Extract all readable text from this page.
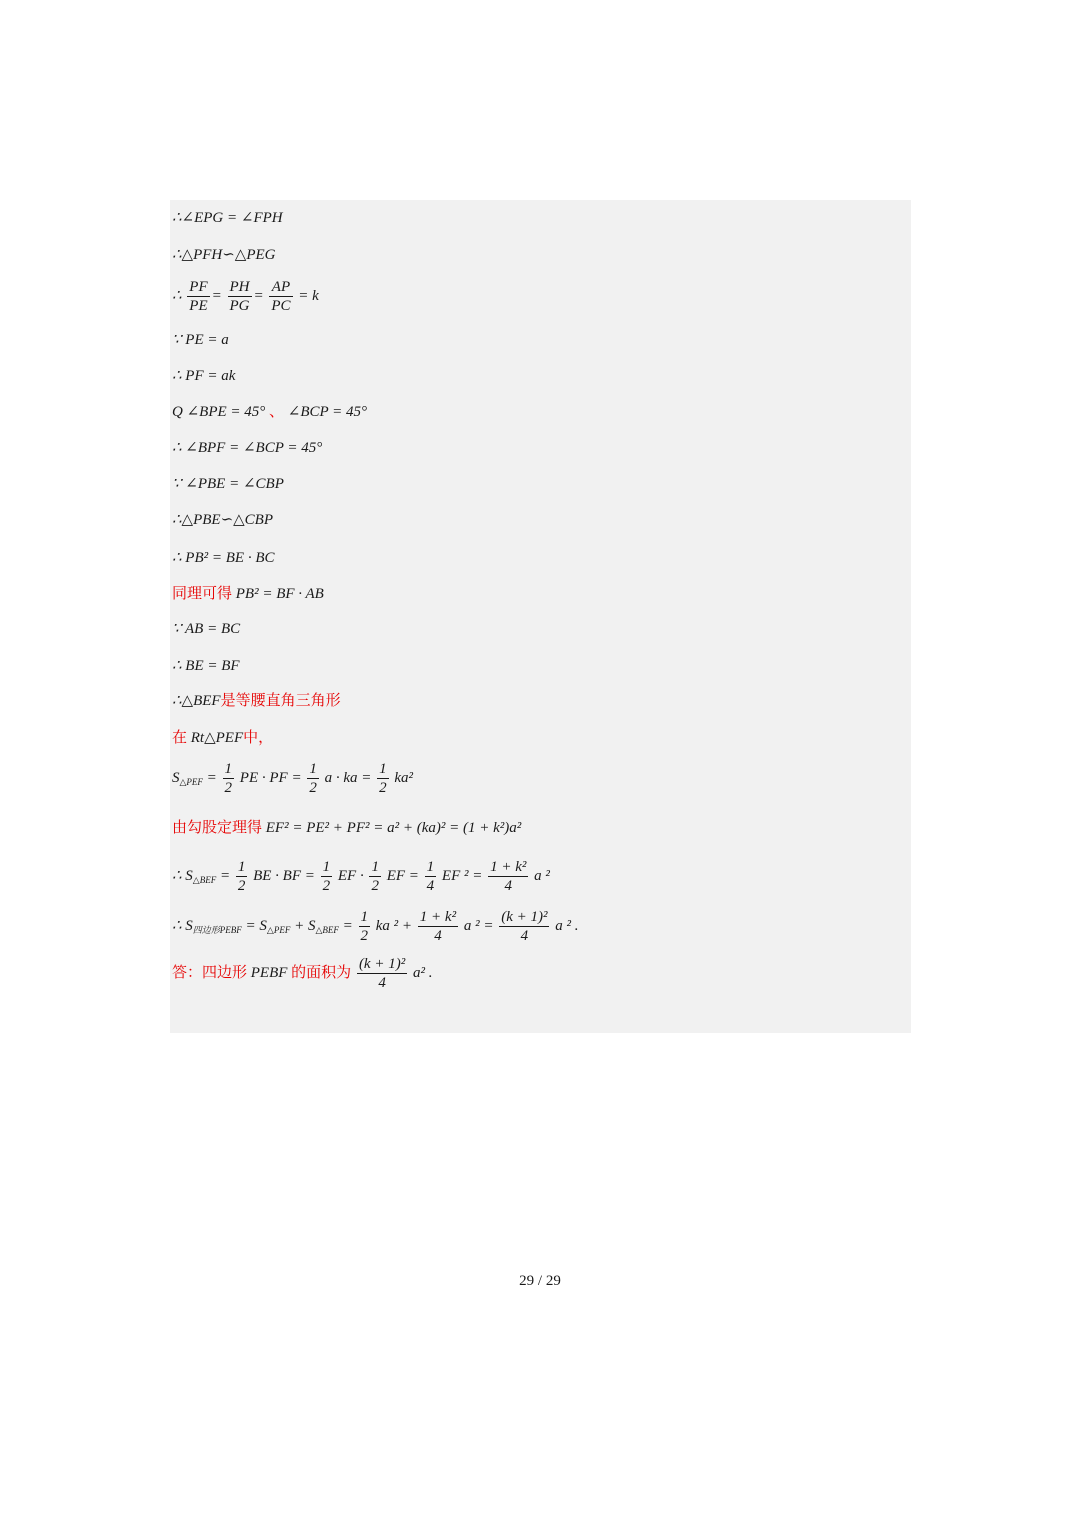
∴∠EPG = ∠FPH
∴△PFH∽△PEG
∴ $\frac{PF}{PE} = \frac{PH}{PG} = \frac{AP}{PC} = k$
∵ PE = a
∴ PF = ak
Q ∠BPE = 45° 、 ∠BCP = 45°
∴ ∠BPF = ∠BCP = 45°
∵ ∠PBE = ∠CBP
∴△PBE∽△CBP
∴ PB² = BE · BC
同理可得 PB² = BF · AB
∵ AB = BC
∴ BE = BF
∴△BEF是等腰直角三角形
在 Rt△PEF中，
$S_{\triangle PEF} = \frac{1}{2}$ PE · PF = $\frac{1}{2}$ a · ka = $\frac{1}{2} ka^2$
由勾股定理得 EF² = PE² + PF² = a² + (ka)² = (1 + k²)a²
∴ $S_{\triangle BEF} = \frac{1}{2}$ BE · BF = $\frac{1}{2}$ EF · $\frac{1}{2}$ EF = $\frac{1}{4}$ EF $^2 = \frac{\text{1 + k²}}{4}$ a ²
∴ $S_{四边形PEBF} = S_{\triangle PEF} + S_{\triangle BEF} = \frac{1}{2}$ ka $^2 + \frac{\text{1 + k²}}{4}$ a $^2 = \frac{\text{(k + 1)²}}{4}$ a ² .
答：四边形 PEBF 的面积为 $\frac{\text{(k + 1)²}}{4} a^2$ .
29 / 29
